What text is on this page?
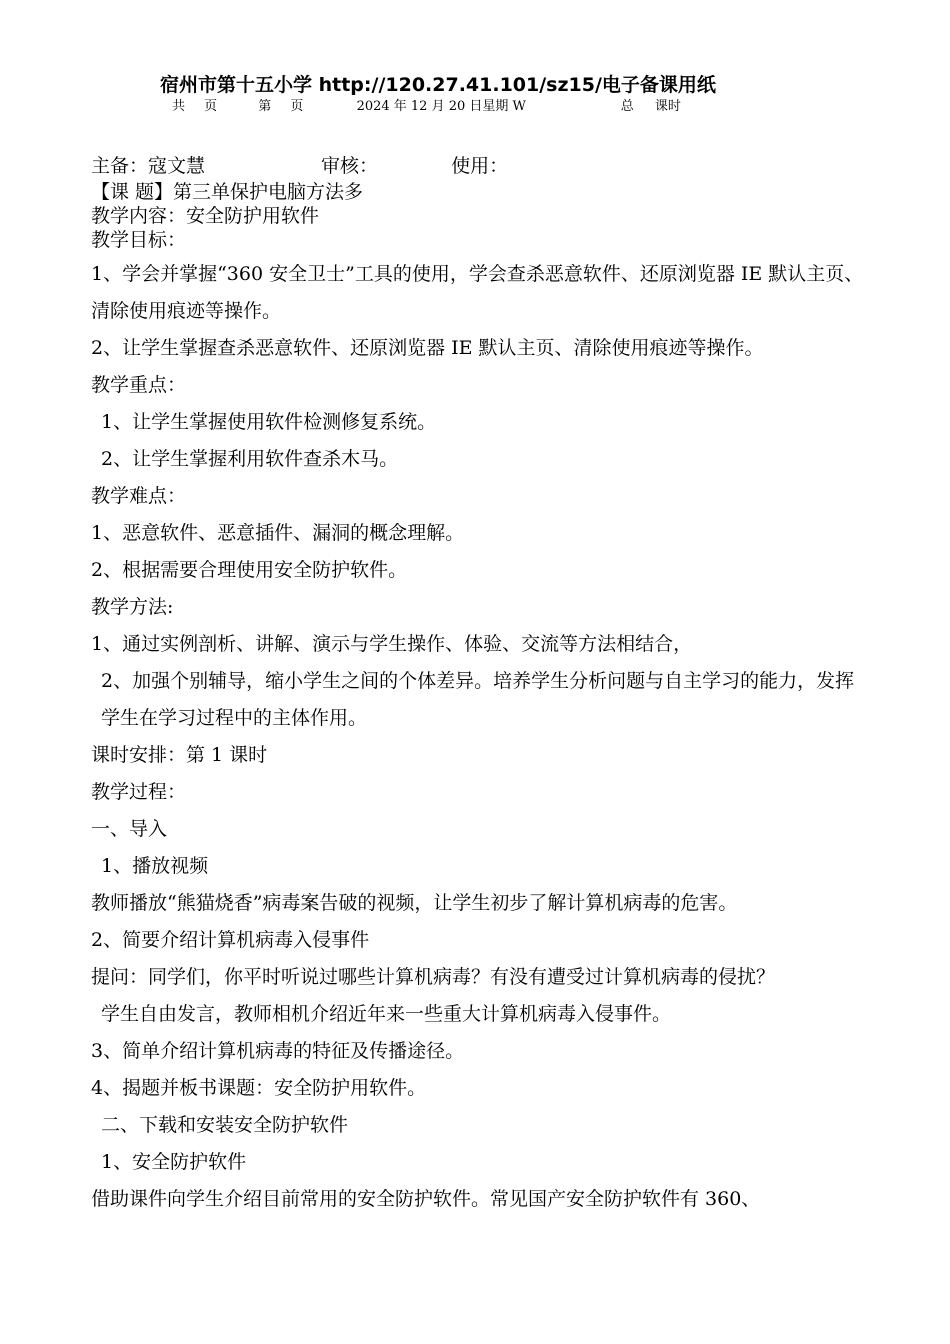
宿州市第十五小学 http://120.27.41.101/sz15/电子备课用纸
共 页	第 页	2024 年 12 月 20 日星期 W	总 课时
主备：寇文慧	审核：	使用：
【课 题】第三单保护电脑方法多
教学内容：安全防护用软件
教学目标：
1、学会并掌握“360 安全卫士”工具的使用，学会查杀恶意软件、还原浏览器 IE 默认主页、清除使用痕迹等操作。
2、让学生掌握查杀恶意软件、还原浏览器 IE 默认主页、清除使用痕迹等操作。
教学重点：
1、让学生掌握使用软件检测修复系统。
2、让学生掌握利用软件查杀木马。
教学难点：
1、恶意软件、恶意插件、漏洞的概念理解。
2、根据需要合理使用安全防护软件。
教学方法:
1、通过实例剖析、讲解、演示与学生操作、体验、交流等方法相结合，
2、加强个别辅导，缩小学生之间的个体差异。培养学生分析问题与自主学习的能力，发挥学生在学习过程中的主体作用。
课时安排：第 1 课时
教学过程：
一、导入
1、播放视频
教师播放“熊猫烧香”病毒案告破的视频，让学生初步了解计算机病毒的危害。
2、简要介绍计算机病毒入侵事件
提问：同学们，你平时听说过哪些计算机病毒？有没有遭受过计算机病毒的侵扰？
学生自由发言，教师相机介绍近年来一些重大计算机病毒入侵事件。
3、简单介绍计算机病毒的特征及传播途径。
4、揭题并板书课题：安全防护用软件。
二、下载和安装安全防护软件
1、安全防护软件
借助课件向学生介绍目前常用的安全防护软件。常见国产安全防护软件有 360、
